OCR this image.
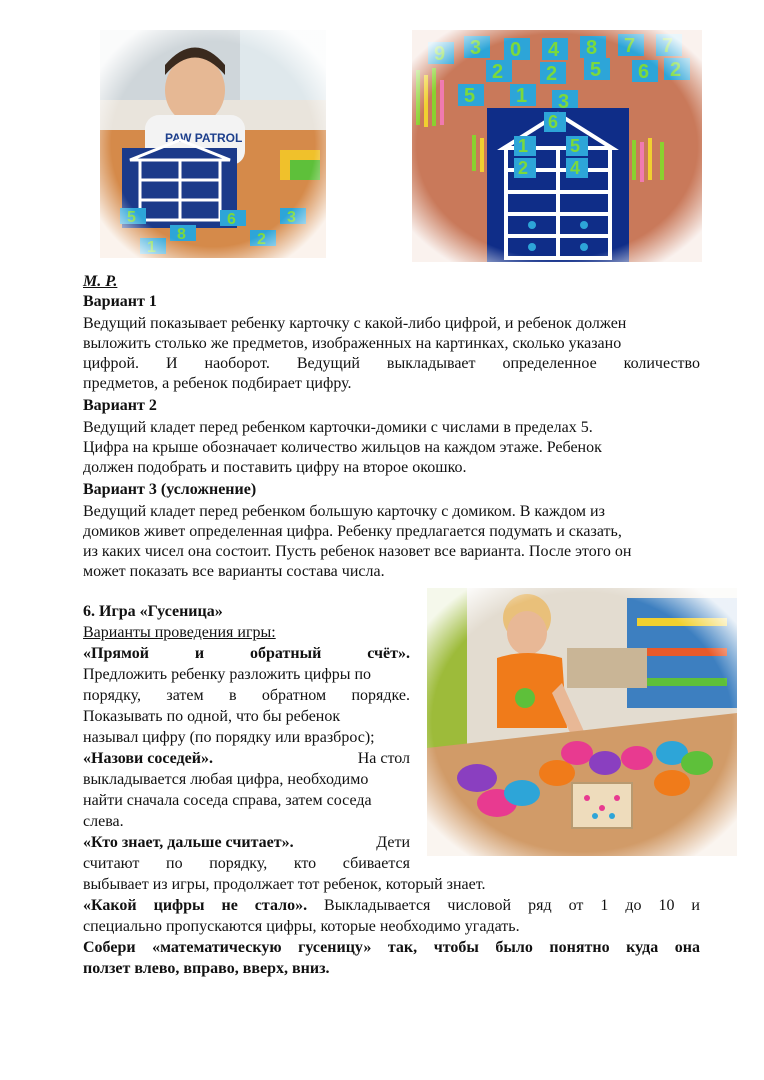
М. Р.
Вариант 1
Ведущий показывает ребенку карточку с какой-либо цифрой, и ребенок должен
выложить столько же предметов, изображенных на картинках, сколько указано
цифрой. И наоборот. Ведущий выкладывает определенное количество
предметов, а ребенок подбирает цифру.
Вариант 2
Ведущий кладет перед ребенком карточки-домики с числами в пределах 5.
Цифра на крыше обозначает количество жильцов на каждом этаже. Ребенок
должен подобрать и поставить цифру на второе окошко.
Вариант 3 (усложнение)
Ведущий кладет перед ребенком большую карточку с домиком. В каждом из
домиков живет определенная цифра. Ребенку предлагается подумать и сказать,
из каких чисел она состоит. Пусть ребенок назовет все варианта. После этого он
может показать все варианты состава числа.
6. Игра «Гусеница»
Варианты проведения игры:
«Прямой и обратный счёт».
Предложить ребенку разложить цифры по
порядку, затем в обратном порядке.
Показывать по одной, что бы ребенок
называл цифру (по порядку или вразброс);
«Назови соседей».	На стол
выкладывается любая цифра, необходимо
найти сначала соседа справа, затем соседа
слева.
«Кто знает, дальше считает».	Дети
считают по порядку, кто сбивается
выбывает из игры, продолжает тот ребенок, который знает.
«Какой цифры не стало». Выкладывается числовой ряд от 1 до 10 и
специально пропускаются цифры, которые необходимо угадать.
Собери «математическую гусеницу» так, чтобы было понятно куда она
ползет влево, вправо, вверх, вниз.
